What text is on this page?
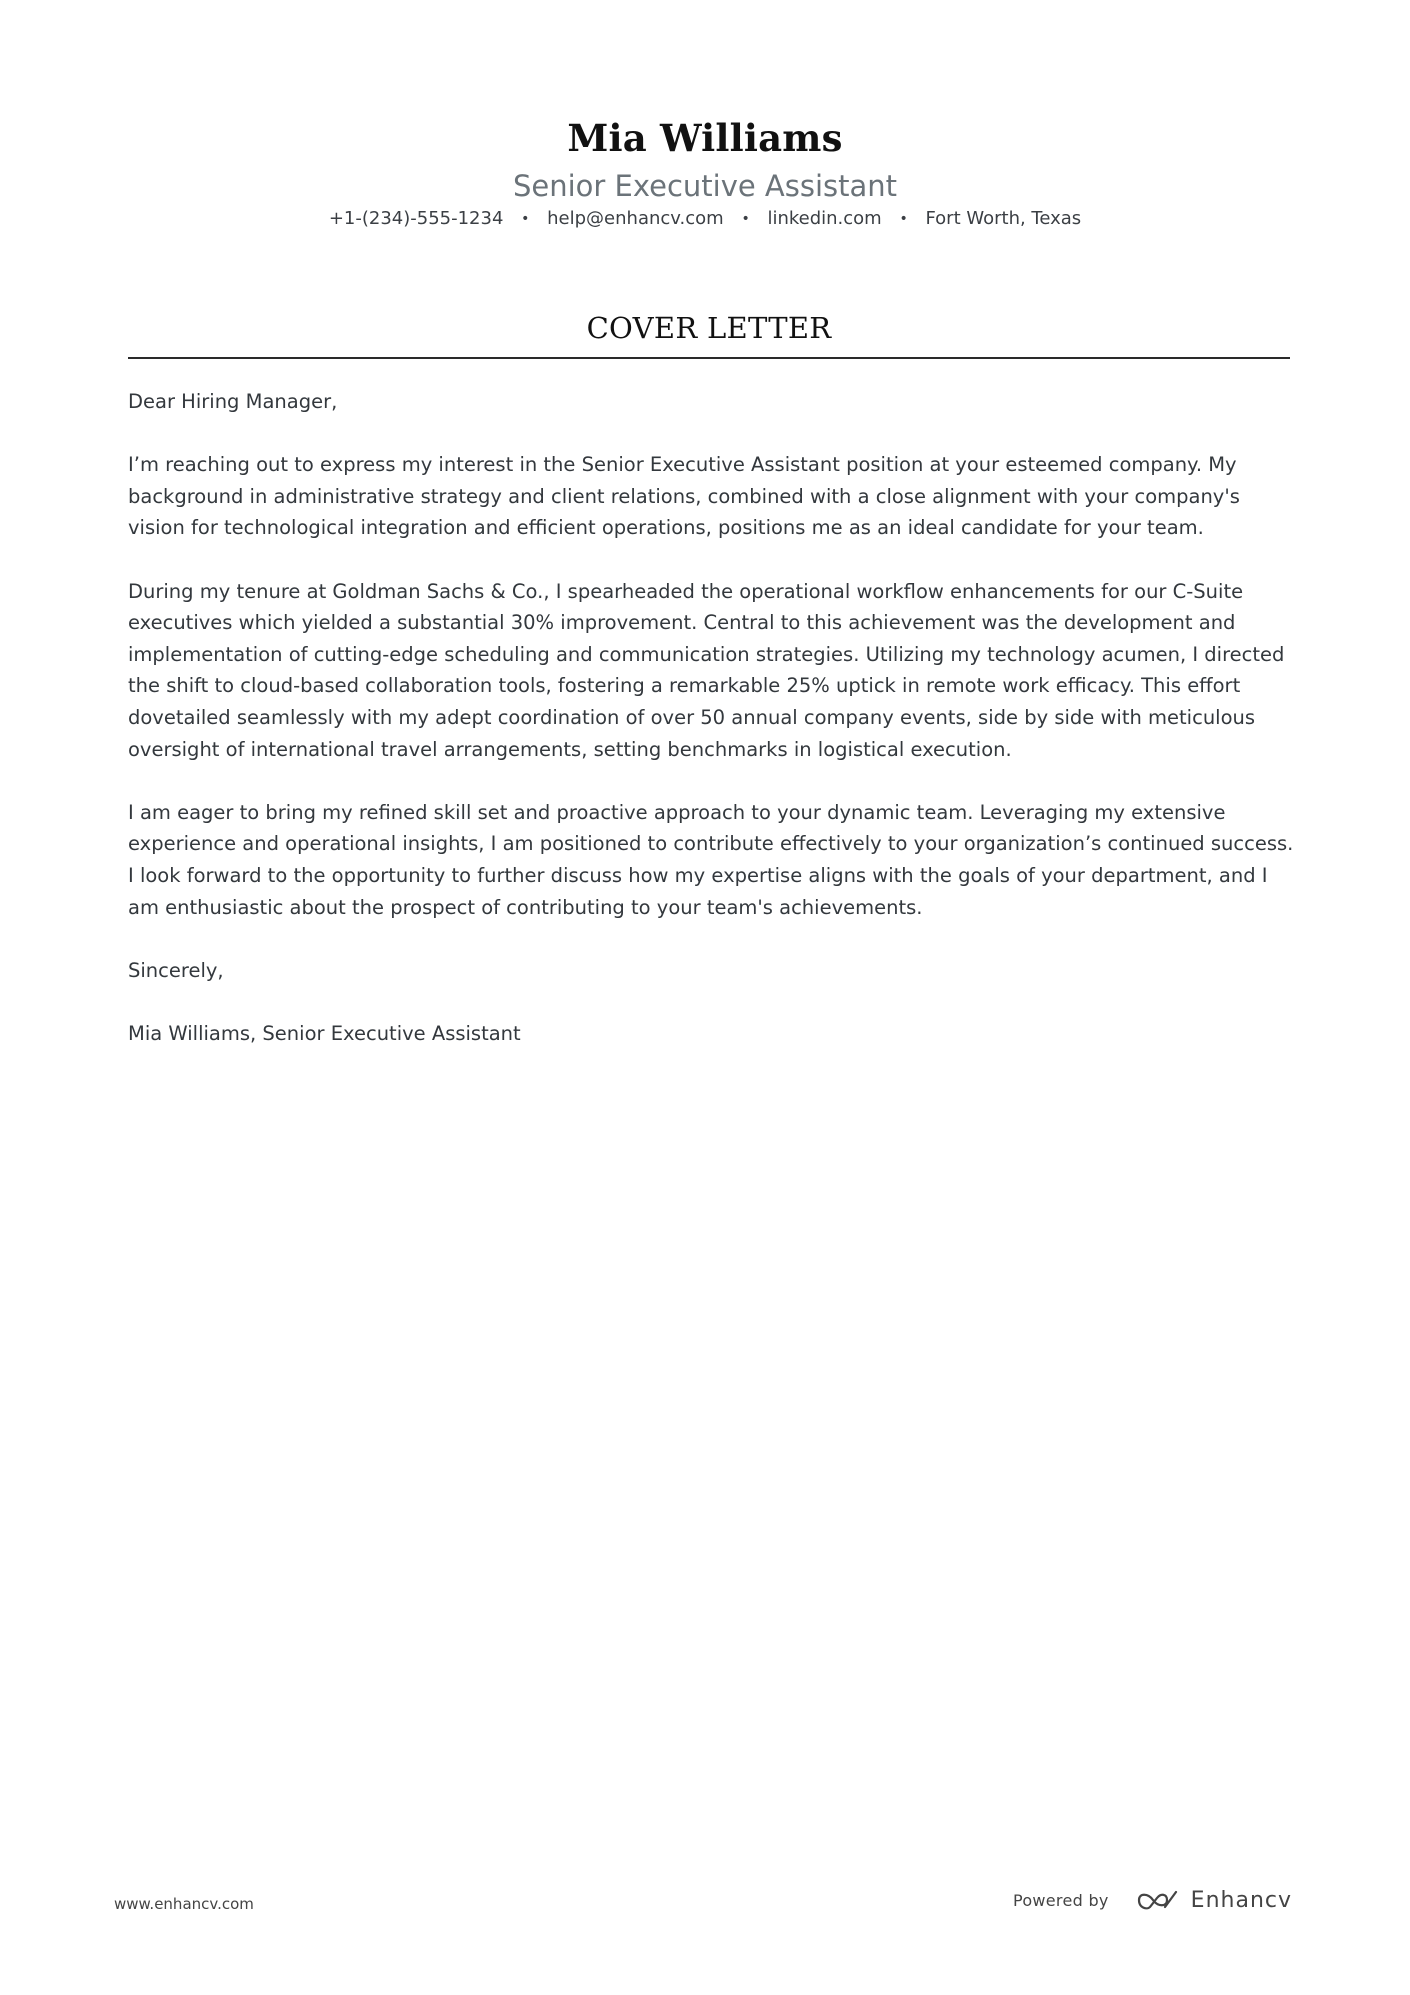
Mia Williams
Senior Executive Assistant
+1-(234)-555-1234 • help@enhancv.com • linkedin.com • Fort Worth, Texas
COVER LETTER

Dear Hiring Manager,

I’m reaching out to express my interest in the Senior Executive Assistant position at your esteemed company. My background in administrative strategy and client relations, combined with a close alignment with your company's vision for technological integration and efficient operations, positions me as an ideal candidate for your team.

During my tenure at Goldman Sachs & Co., I spearheaded the operational workflow enhancements for our C-Suite executives which yielded a substantial 30% improvement. Central to this achievement was the development and implementation of cutting-edge scheduling and communication strategies. Utilizing my technology acumen, I directed the shift to cloud-based collaboration tools, fostering a remarkable 25% uptick in remote work efficacy. This effort dovetailed seamlessly with my adept coordination of over 50 annual company events, side by side with meticulous oversight of international travel arrangements, setting benchmarks in logistical execution.

I am eager to bring my refined skill set and proactive approach to your dynamic team. Leveraging my extensive experience and operational insights, I am positioned to contribute effectively to your organization’s continued success. I look forward to the opportunity to further discuss how my expertise aligns with the goals of your department, and I am enthusiastic about the prospect of contributing to your team's achievements.

Sincerely,

Mia Williams, Senior Executive Assistant

www.enhancv.com	Powered by	Enhancv
